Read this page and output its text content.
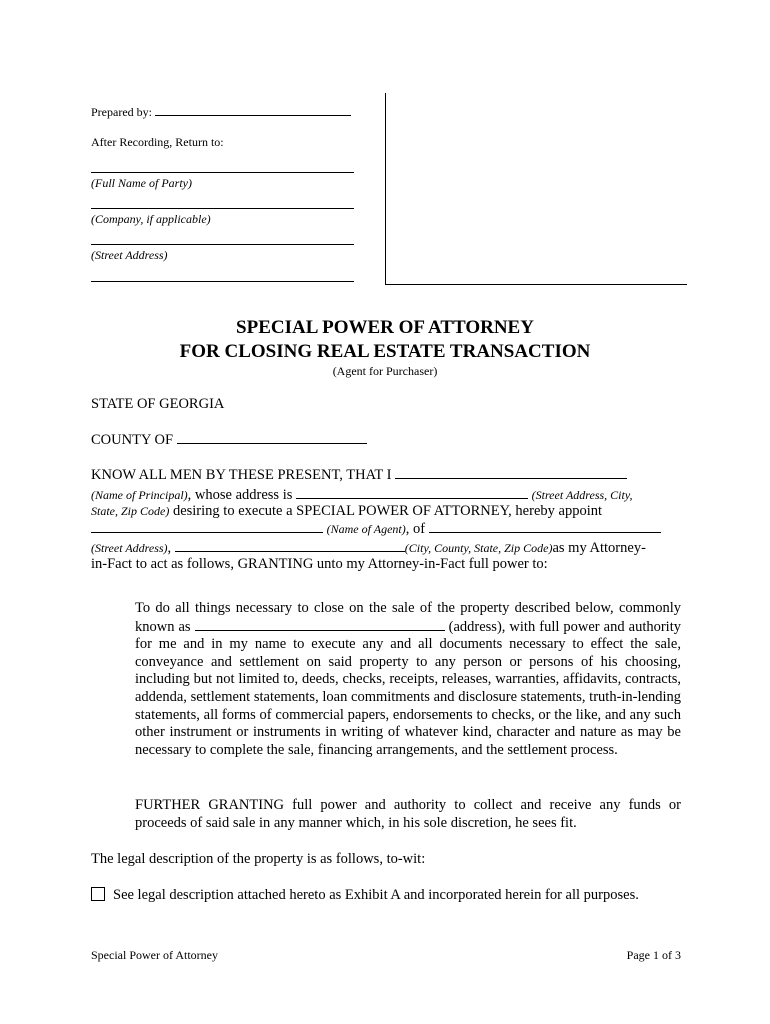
Prepared by:
After Recording, Return to:
(Full Name of Party)
(Company, if applicable)
(Street Address)
SPECIAL POWER OF ATTORNEY
FOR CLOSING REAL ESTATE TRANSACTION
(Agent for Purchaser)
STATE OF GEORGIA
COUNTY OF
KNOW ALL MEN BY THESE PRESENT, THAT I
(Name of Principal), whose address is	(Street Address, City,
State, Zip Code) desiring to execute a SPECIAL POWER OF ATTORNEY, hereby appoint
(Name of Agent), of
(Street Address),	(City, County, State, Zip Code)as my Attorney-
in-Fact to act as follows, GRANTING unto my Attorney-in-Fact full power to:
To do all things necessary to close on the sale of the property described below, commonly known as	(address), with full power and authority for me and in my name to execute any and all documents necessary to effect the sale, conveyance and settlement on said property to any person or persons of his choosing, including but not limited to, deeds, checks, receipts, releases, warranties, affidavits, contracts, addenda, settlement statements, loan commitments and disclosure statements, truth-in-lending statements, all forms of commercial papers, endorsements to checks, or the like, and any such other instrument or instruments in writing of whatever kind, character and nature as may be necessary to complete the sale, financing arrangements, and the settlement process.
FURTHER GRANTING full power and authority to collect and receive any funds or proceeds of said sale in any manner which, in his sole discretion, he sees fit.
The legal description of the property is as follows, to-wit:
See legal description attached hereto as Exhibit A and incorporated herein for all purposes.
Special Power of Attorney	Page 1 of 3
